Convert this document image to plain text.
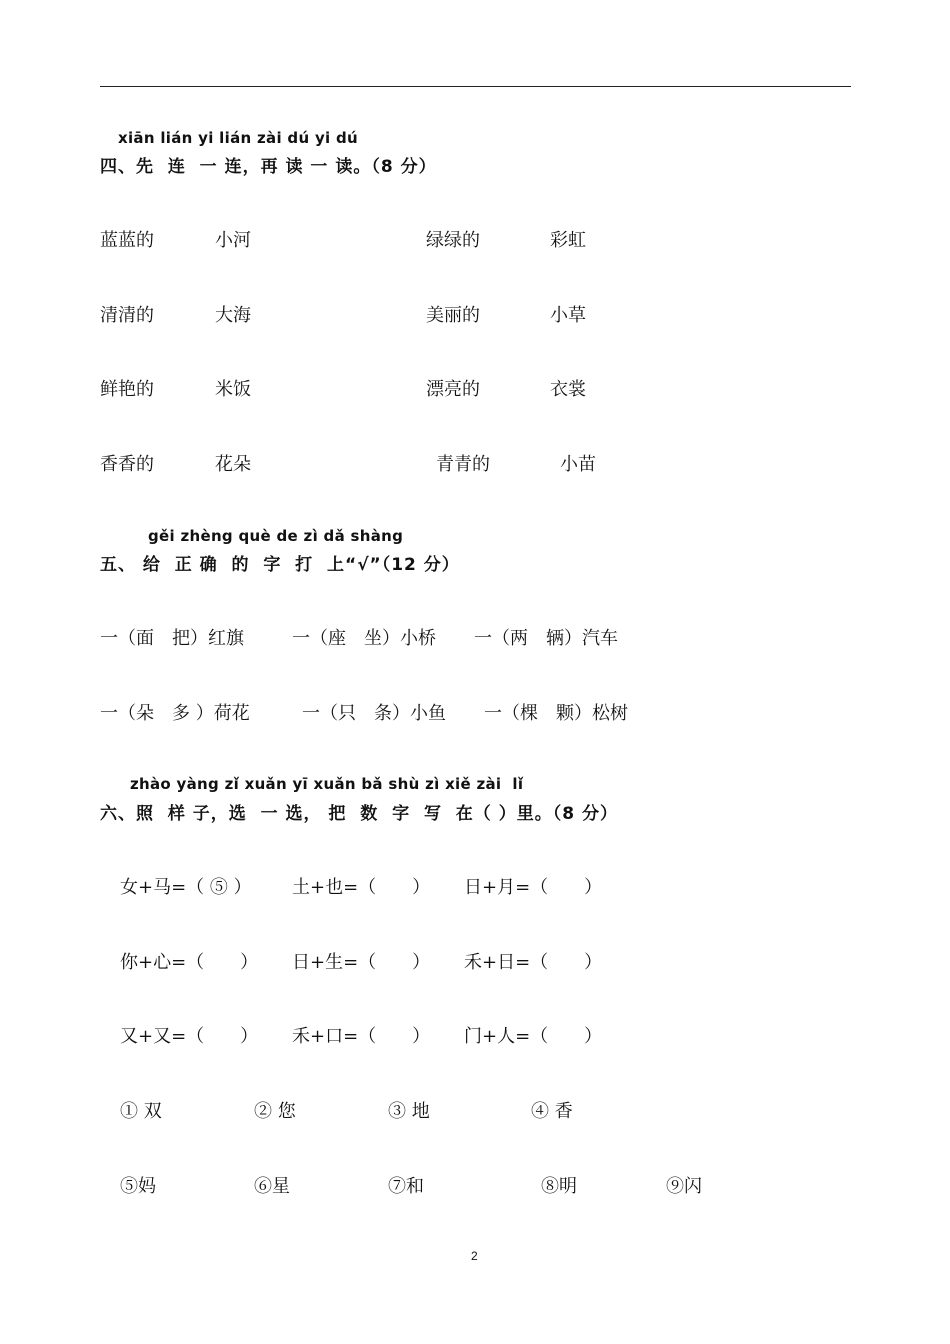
xiān lián yi lián zài dú yi dú
四、先  连  一 连，再 读 一 读。（8 分）
蓝蓝的	小河	绿绿的	彩虹
清清的	大海	美丽的	小草
鲜艳的	米饭	漂亮的	衣裳
香香的	花朵	青青的	小苗
gěi zhèng què de zì dǎ shàng
五、 给  正 确  的  字  打  上“√”（12 分）
一（面　把）红旗	一（座　坐）小桥 一（两　辆）汽车
一（朵　多 ）荷花	一（只　条）小鱼 一（棵　颗）松树
zhào yàng zǐ xuǎn yī xuǎn bǎ shù zì xiě zài  lǐ
六、照  样 子，选  一 选， 把  数  字  写  在（ ）里。（8 分）
女+马=（ ⑤ ） 土+也=（　　） 日+月=（　　）
你+心=（　　） 日+生=（　　） 禾+日=（　　）
又+又=（　　） 禾+口=（　　） 门+人=（　　）
① 双	② 您	③ 地	④ 香
⑤妈	⑥星	⑦和	⑧明	⑨闪
2
